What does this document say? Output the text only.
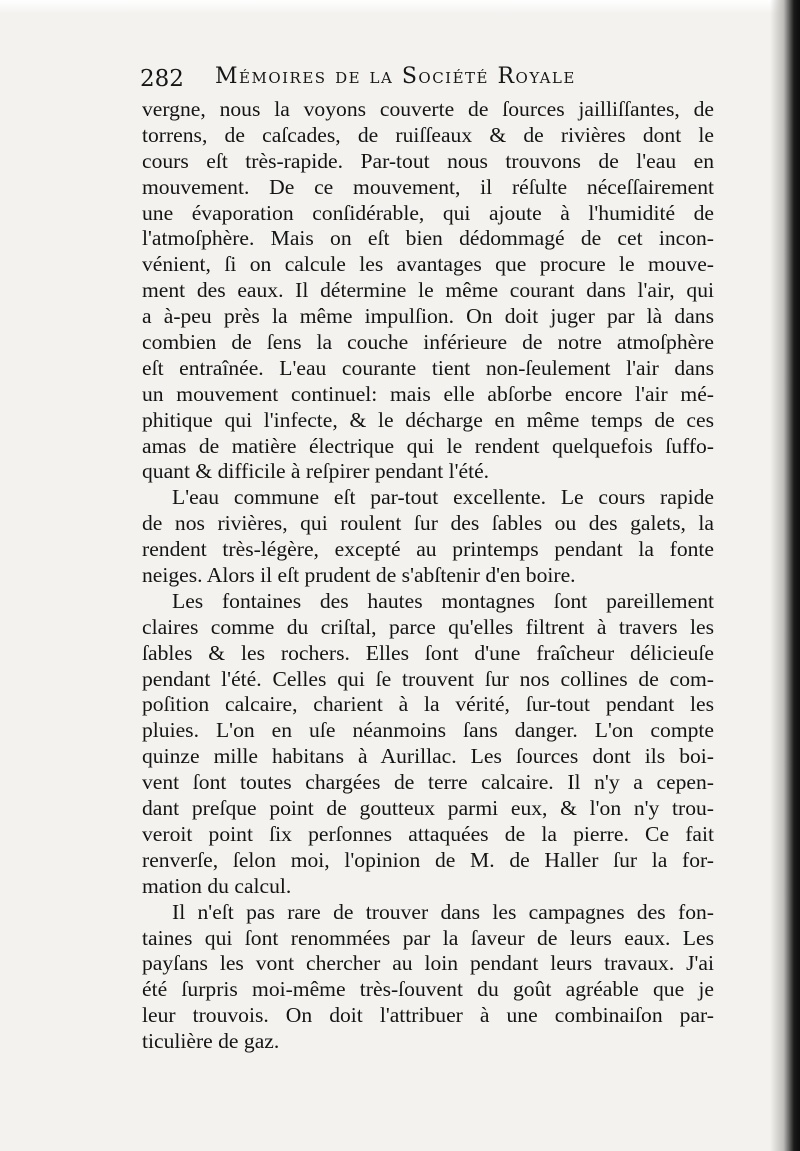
282 Mémoires de la Société Royale
vergne, nous la voyons couverte de ſources jailliſſantes, de
torrens, de caſcades, de ruiſſeaux & de rivières dont le
cours eſt très-rapide. Par-tout nous trouvons de l'eau en
mouvement. De ce mouvement, il réſulte néceſſairement
une évaporation conſidérable, qui ajoute à l'humidité de
l'atmoſphère. Mais on eſt bien dédommagé de cet incon-
vénient, ſi on calcule les avantages que procure le mouve-
ment des eaux. Il détermine le même courant dans l'air, qui
a à-peu près la même impulſion. On doit juger par là dans
combien de ſens la couche inférieure de notre atmoſphère
eſt entraînée. L'eau courante tient non-ſeulement l'air dans
un mouvement continuel: mais elle abſorbe encore l'air mé-
phitique qui l'infecte, & le décharge en même temps de ces
amas de matière électrique qui le rendent quelquefois ſuffo-
quant & difficile à reſpirer pendant l'été.
L'eau commune eſt par-tout excellente. Le cours rapide
de nos rivières, qui roulent ſur des ſables ou des galets, la
rendent très-légère, excepté au printemps pendant la fonte
neiges. Alors il eſt prudent de s'abſtenir d'en boire.
Les fontaines des hautes montagnes ſont pareillement
claires comme du criſtal, parce qu'elles filtrent à travers les
ſables & les rochers. Elles ſont d'une fraîcheur délicieuſe
pendant l'été. Celles qui ſe trouvent ſur nos collines de com-
poſition calcaire, charient à la vérité, ſur-tout pendant les
pluies. L'on en uſe néanmoins ſans danger. L'on compte
quinze mille habitans à Aurillac. Les ſources dont ils boi-
vent ſont toutes chargées de terre calcaire. Il n'y a cepen-
dant preſque point de goutteux parmi eux, & l'on n'y trou-
veroit point ſix perſonnes attaquées de la pierre. Ce fait
renverſe, ſelon moi, l'opinion de M. de Haller ſur la for-
mation du calcul.
Il n'eſt pas rare de trouver dans les campagnes des fon-
taines qui ſont renommées par la ſaveur de leurs eaux. Les
payſans les vont chercher au loin pendant leurs travaux. J'ai
été ſurpris moi-même très-ſouvent du goût agréable que je
leur trouvois. On doit l'attribuer à une combinaiſon par-
ticulière de gaz.
